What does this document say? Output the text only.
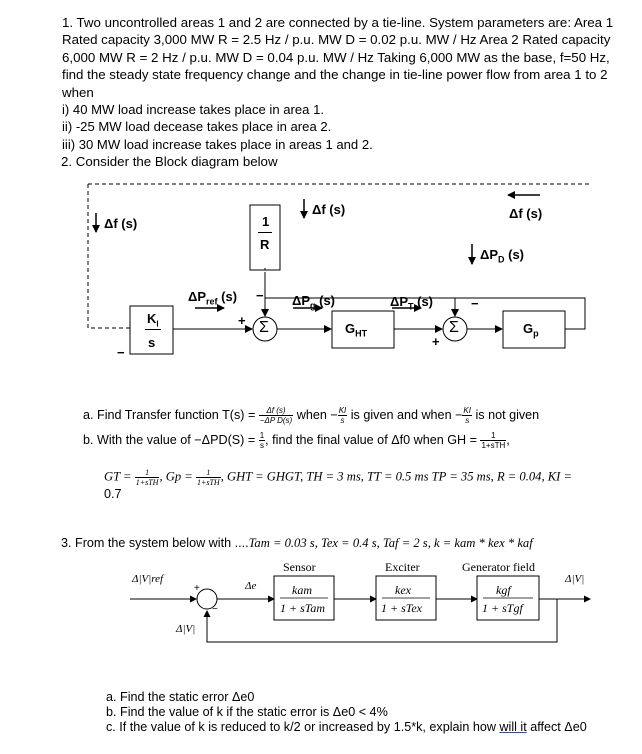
1. Two uncontrolled areas 1 and 2 are connected by a tie-line. System parameters are: Area 1 Rated capacity 3,000 MW R = 2.5 Hz / p.u. MW D = 0.02 p.u. MW / Hz Area 2 Rated capacity 6,000 MW R = 2 Hz / p.u. MW D = 0.04 p.u. MW / Hz Taking 6,000 MW as the base, f=50 Hz, find the steady state frequency change and the change in tie-line power flow from area 1 to 2 when

i) 40 MW load increase takes place in area 1.

ii) -25 MW load decease takes place in area 2.

iii) 30 MW load increase takes place in areas 1 and 2.

2. Consider the Block diagram below
Δf (s)
Δf (s)	Δf (s)
$\Delta P_D$ (s)
$\Delta P_{ref}$ (s)	$\Delta P_g$ (s)	$\Delta P_T$ (s)
$K_I$
s
1
R
$G_{HT}$	$G_p$
Σ	Σ
+
−
+
−
−
a. Find Transfer function $T(s) = \frac{\Delta f (s)}{\text{−ΔP D(s)}}$ when − $\frac{KI}{s}$ is given and when − $\frac{KI}{s}$ is not given
b. With the value of $-\Delta PD(S) = \frac{1}{s}$ , find the final value of Δf0 when GH = $\frac{1}{\text{1+sTH}}$ ,
GT = $\frac{1}{\text{1+sTH}}$ , $Gp = \frac{1}{\text{1+sTH}}$ , GHT = GHGT, TH = 3 ms, TT = 0.5 ms TP = 35 ms, R = 0.04, KI =
0.7
3. From the system below with ....Tam = 0.03 s, Tex = 0.4 s, Taf = 2 s, k = kam * kex * kaf
Δ|V|ref
+
−
Δe
Δ|V|
Δ|V|
Sensor	Exciter	Generator field
kam
1 + sTam
kex
1 + sTex
kgf
1 + sTgf
a. Find the static error Δe0
b. Find the value of k if the static error is Δe0 < 4%
c. If the value of k is reduced to k/2 or increased by 1.5*k, explain how will it affect Δe0
